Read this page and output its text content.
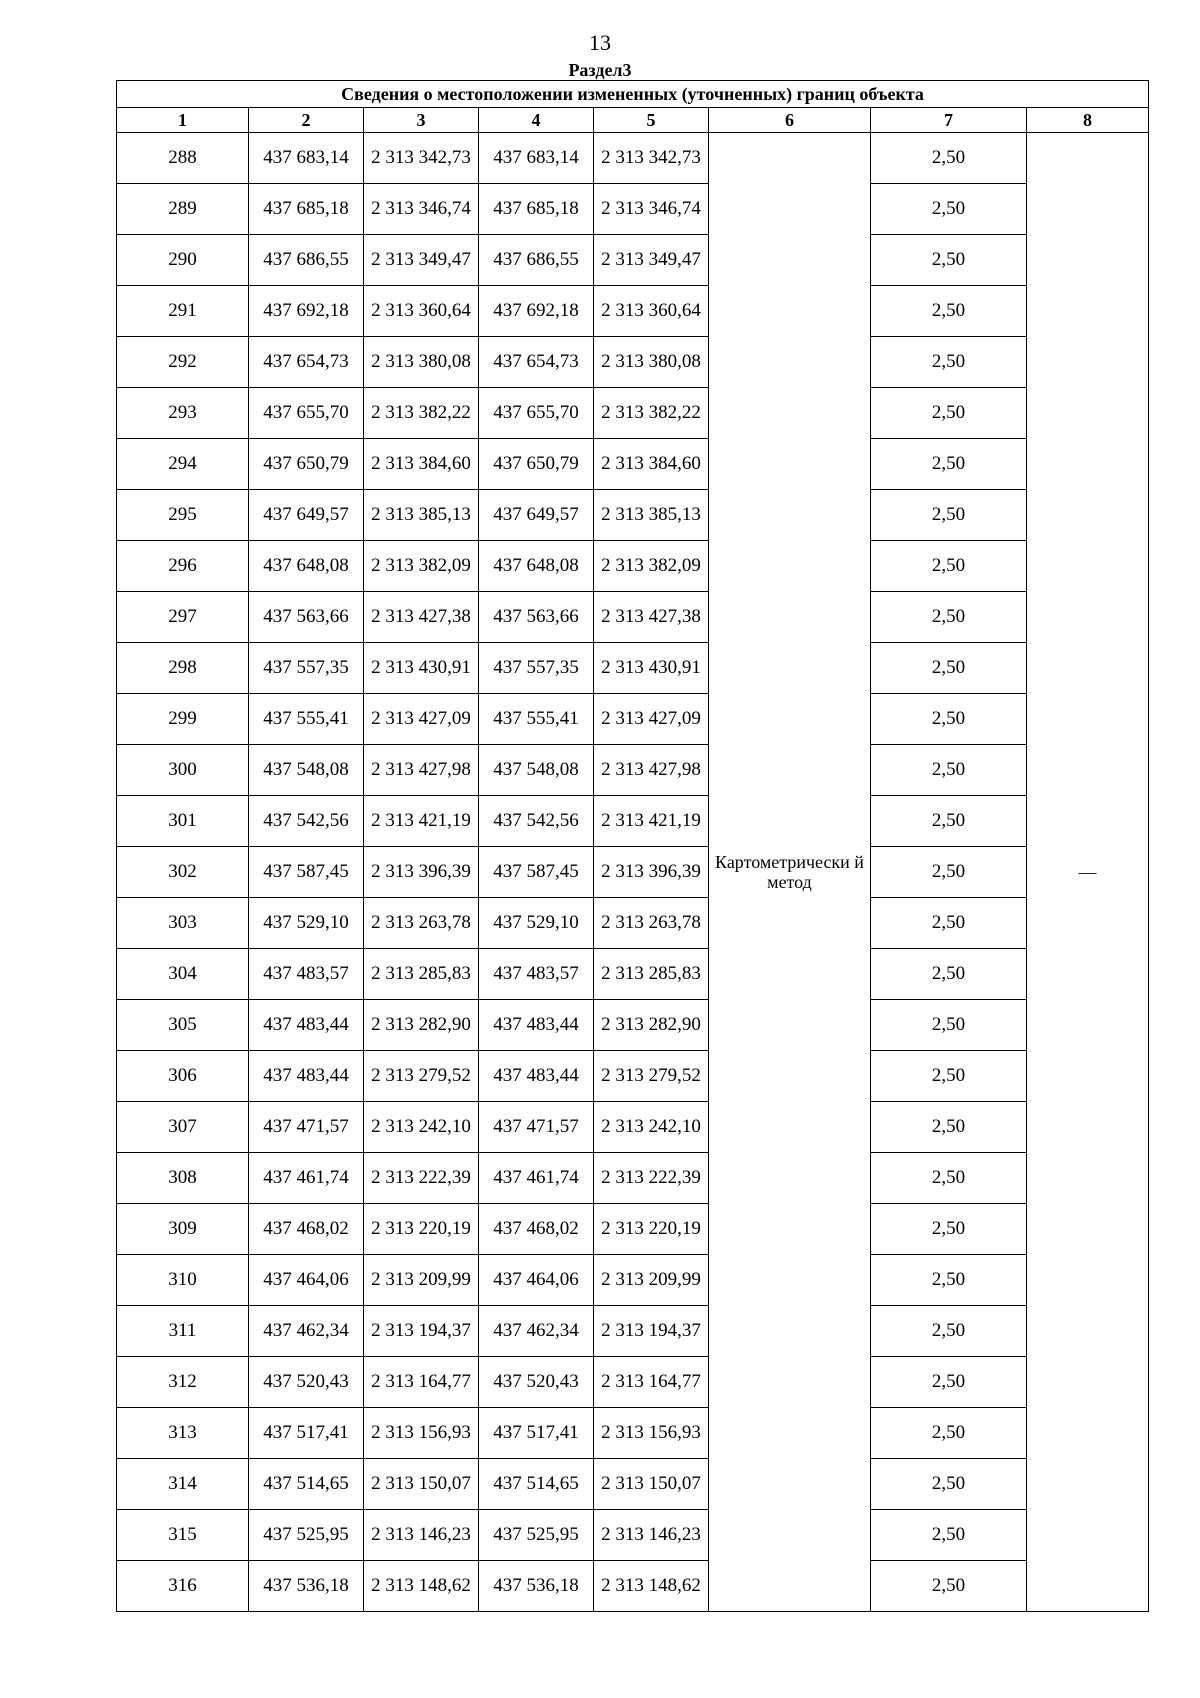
13
Раздел3
Сведения о местоположении измененных (уточненных) границ объекта							
1	2	3	4	5	6	7	8
288	437 683,14	2 313 342,73	437 683,14	2 313 342,73	Картометрически й метод	2,50	—
289	437 685,18	2 313 346,74	437 685,18	2 313 346,74		2,50	
290	437 686,55	2 313 349,47	437 686,55	2 313 349,47		2,50	
291	437 692,18	2 313 360,64	437 692,18	2 313 360,64		2,50	
292	437 654,73	2 313 380,08	437 654,73	2 313 380,08		2,50	
293	437 655,70	2 313 382,22	437 655,70	2 313 382,22		2,50	
294	437 650,79	2 313 384,60	437 650,79	2 313 384,60		2,50	
295	437 649,57	2 313 385,13	437 649,57	2 313 385,13		2,50	
296	437 648,08	2 313 382,09	437 648,08	2 313 382,09		2,50	
297	437 563,66	2 313 427,38	437 563,66	2 313 427,38		2,50	
298	437 557,35	2 313 430,91	437 557,35	2 313 430,91		2,50	
299	437 555,41	2 313 427,09	437 555,41	2 313 427,09		2,50	
300	437 548,08	2 313 427,98	437 548,08	2 313 427,98		2,50	
301	437 542,56	2 313 421,19	437 542,56	2 313 421,19		2,50	
302	437 587,45	2 313 396,39	437 587,45	2 313 396,39		2,50	
303	437 529,10	2 313 263,78	437 529,10	2 313 263,78		2,50	
304	437 483,57	2 313 285,83	437 483,57	2 313 285,83		2,50	
305	437 483,44	2 313 282,90	437 483,44	2 313 282,90		2,50	
306	437 483,44	2 313 279,52	437 483,44	2 313 279,52		2,50	
307	437 471,57	2 313 242,10	437 471,57	2 313 242,10		2,50	
308	437 461,74	2 313 222,39	437 461,74	2 313 222,39		2,50	
309	437 468,02	2 313 220,19	437 468,02	2 313 220,19		2,50	
310	437 464,06	2 313 209,99	437 464,06	2 313 209,99		2,50	
311	437 462,34	2 313 194,37	437 462,34	2 313 194,37		2,50	
312	437 520,43	2 313 164,77	437 520,43	2 313 164,77		2,50	
313	437 517,41	2 313 156,93	437 517,41	2 313 156,93		2,50	
314	437 514,65	2 313 150,07	437 514,65	2 313 150,07		2,50	
315	437 525,95	2 313 146,23	437 525,95	2 313 146,23		2,50	
316	437 536,18	2 313 148,62	437 536,18	2 313 148,62		2,50	
